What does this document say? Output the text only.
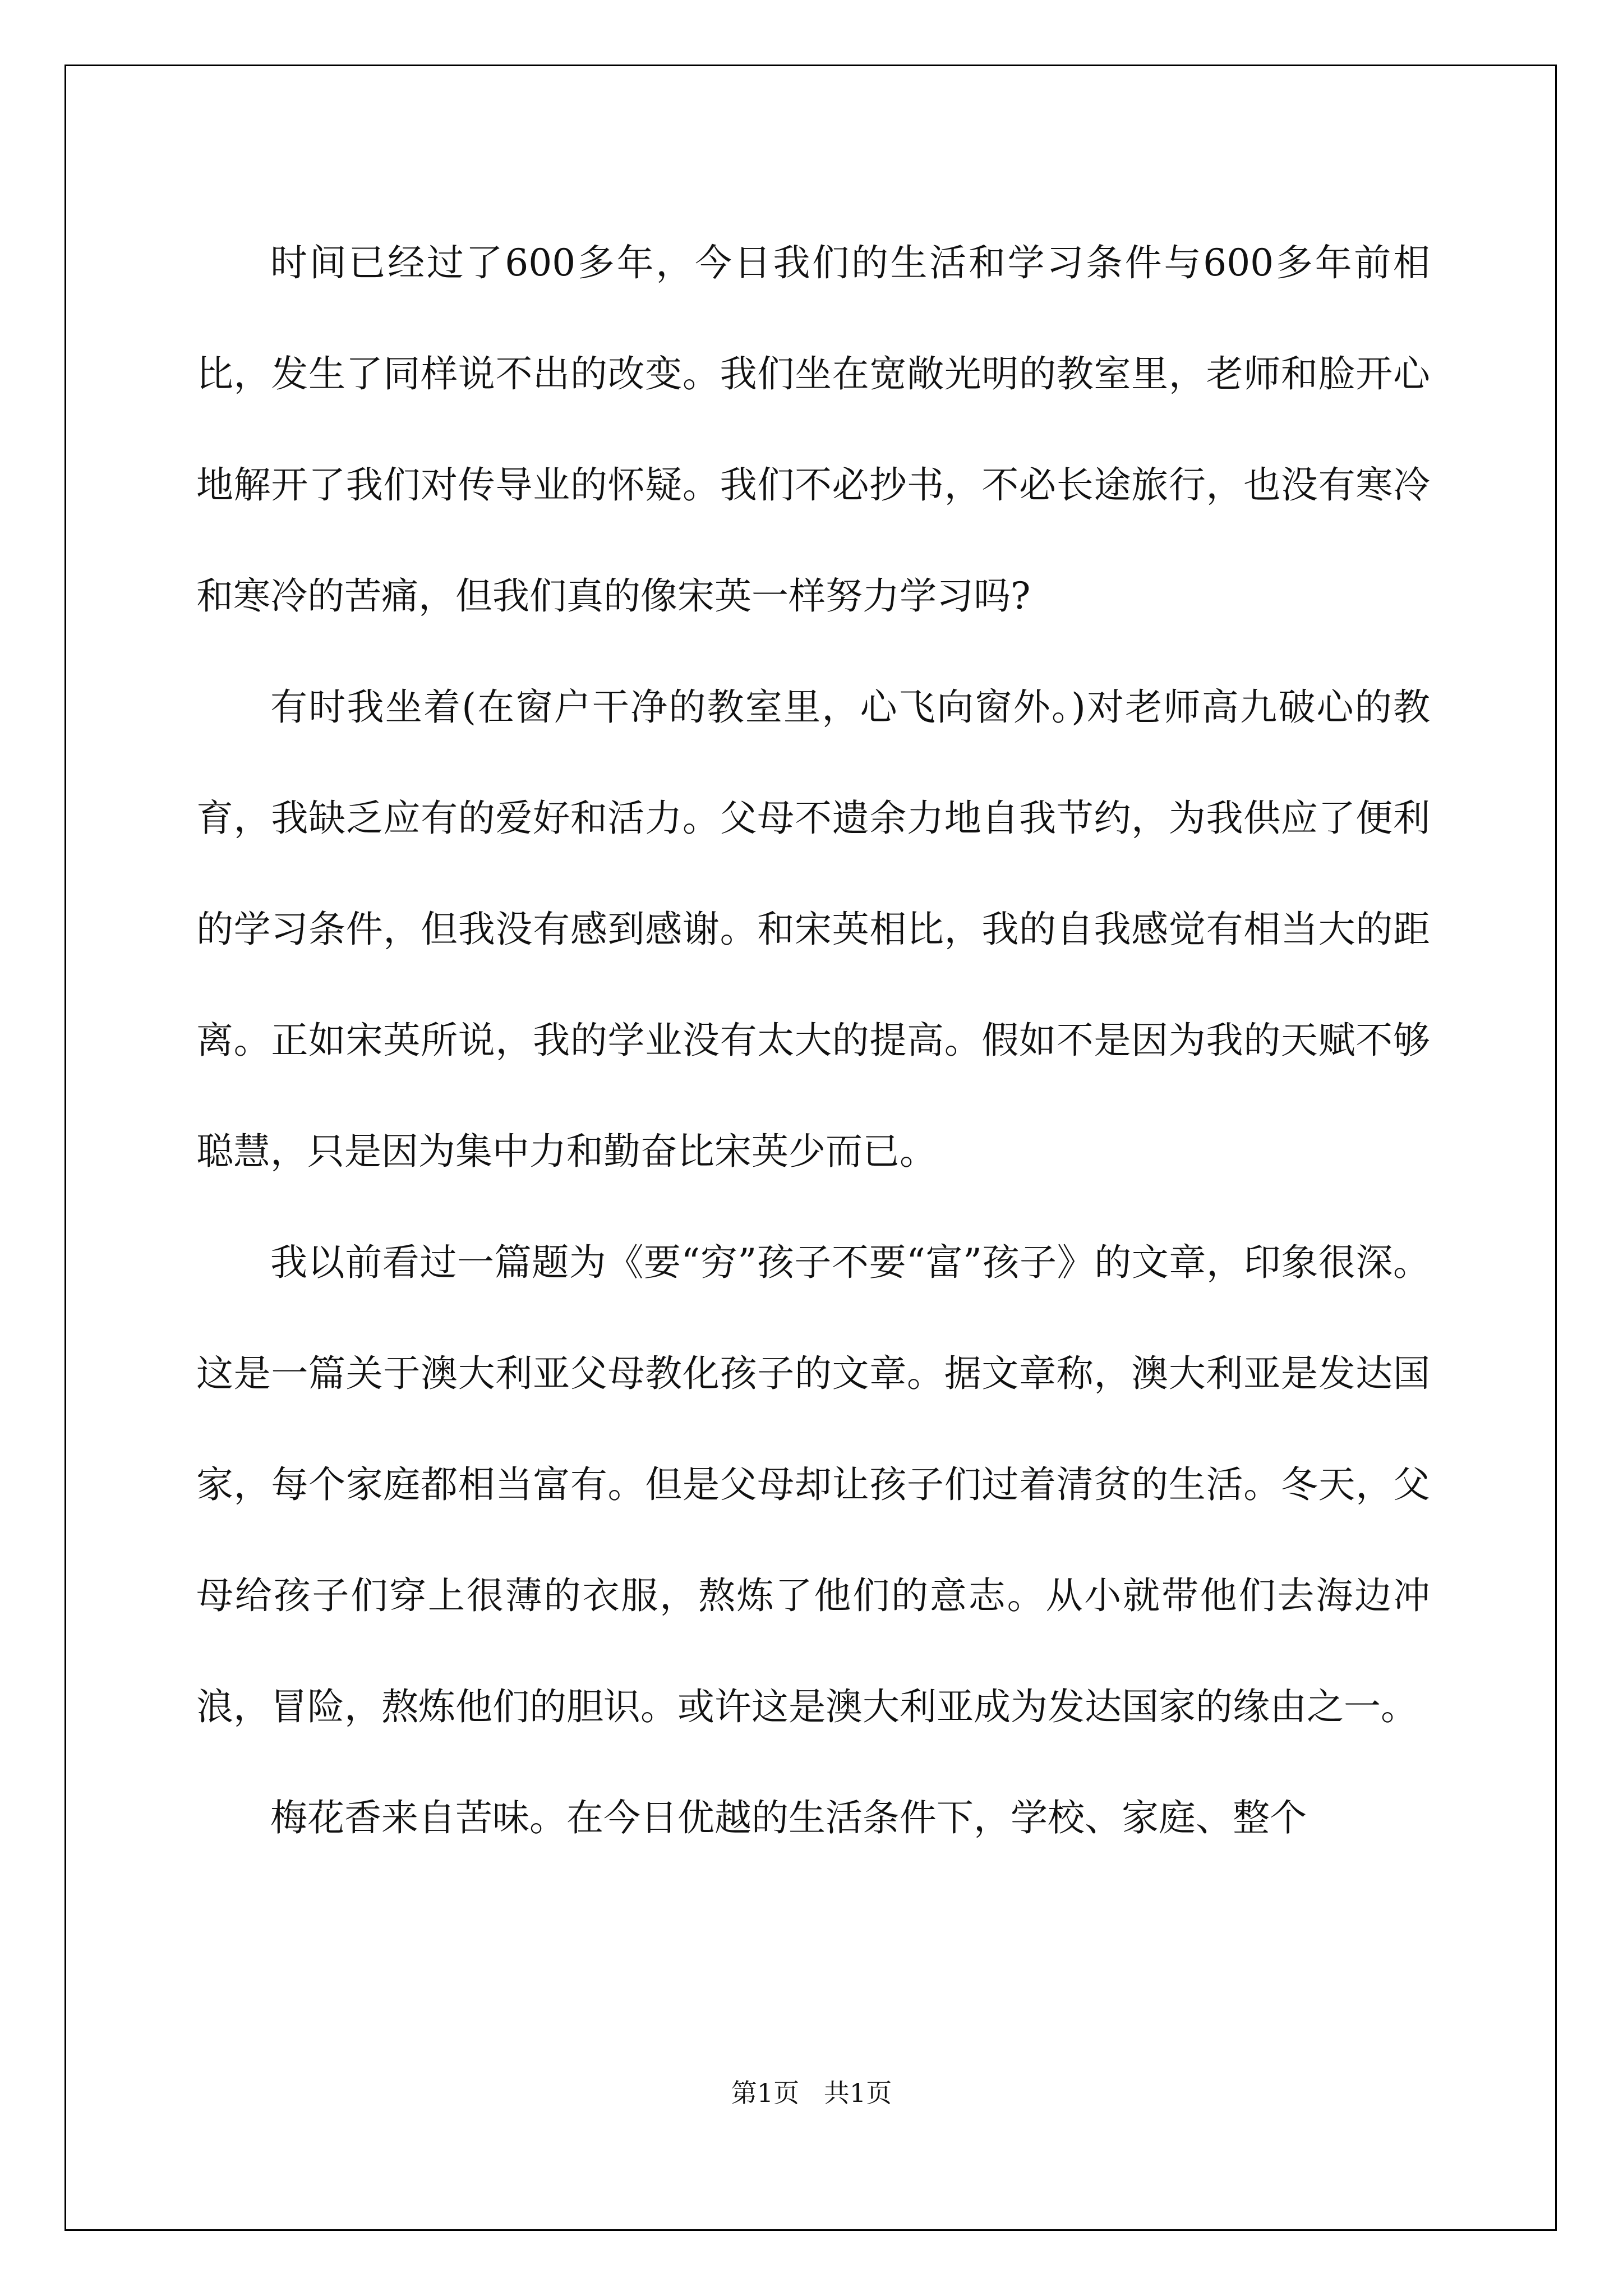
时间已经过了600多年，今日我们的生活和学习条件与600多年前相比，发生了同样说不出的改变。我们坐在宽敞光明的教室里，老师和脸开心地解开了我们对传导业的怀疑。我们不必抄书，不必长途旅行，也没有寒冷和寒冷的苦痛，但我们真的像宋英一样努力学习吗?

有时我坐着(在窗户干净的教室里，心飞向窗外。)对老师高九破心的教育，我缺乏应有的爱好和活力。父母不遗余力地自我节约，为我供应了便利的学习条件，但我没有感到感谢。和宋英相比，我的自我感觉有相当大的距离。正如宋英所说，我的学业没有太大的提高。假如不是因为我的天赋不够聪慧，只是因为集中力和勤奋比宋英少而已。

我以前看过一篇题为《要“穷”孩子不要“富”孩子》的文章，印象很深。这是一篇关于澳大利亚父母教化孩子的文章。据文章称，澳大利亚是发达国家，每个家庭都相当富有。但是父母却让孩子们过着清贫的生活。冬天，父母给孩子们穿上很薄的衣服，熬炼了他们的意志。从小就带他们去海边冲浪，冒险，熬炼他们的胆识。或许这是澳大利亚成为发达国家的缘由之一。

梅花香来自苦味。在今日优越的生活条件下，学校、家庭、整个

第1页   共1页
